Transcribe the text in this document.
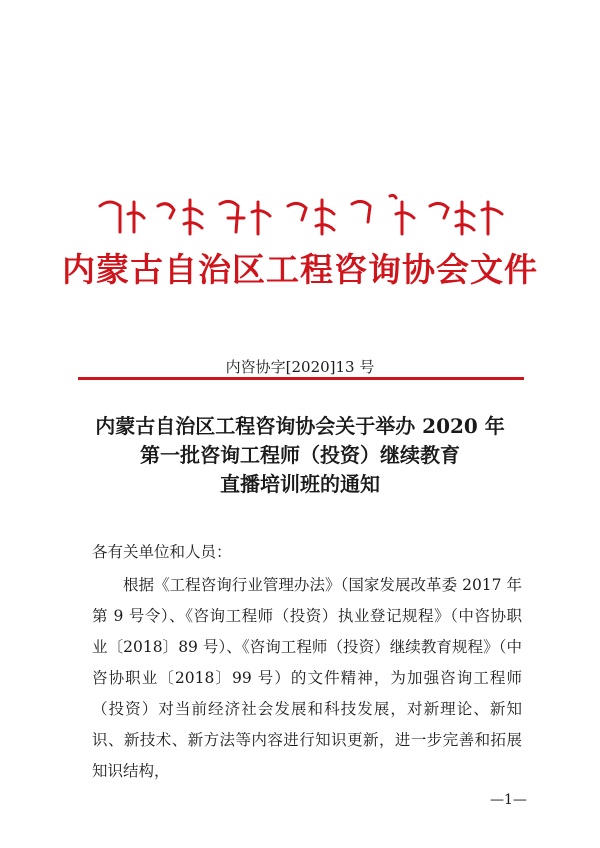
内蒙古自治区工程咨询协会文件
内咨协字[2020]13 号
内蒙古自治区工程咨询协会关于举办 2020 年
第一批咨询工程师（投资）继续教育
直播培训班的通知
各有关单位和人员：

根据《工程咨询行业管理办法》（国家发展改革委 2017 年第 9 号令）、《咨询工程师（投资）执业登记规程》（中咨协职业〔2018〕89 号）、《咨询工程师（投资）继续教育规程》（中咨协职业〔2018〕99 号）的文件精神，为加强咨询工程师（投资）对当前经济社会发展和科技发展，对新理论、新知识、新技术、新方法等内容进行知识更新，进一步完善和拓展知识结构，

—1—
